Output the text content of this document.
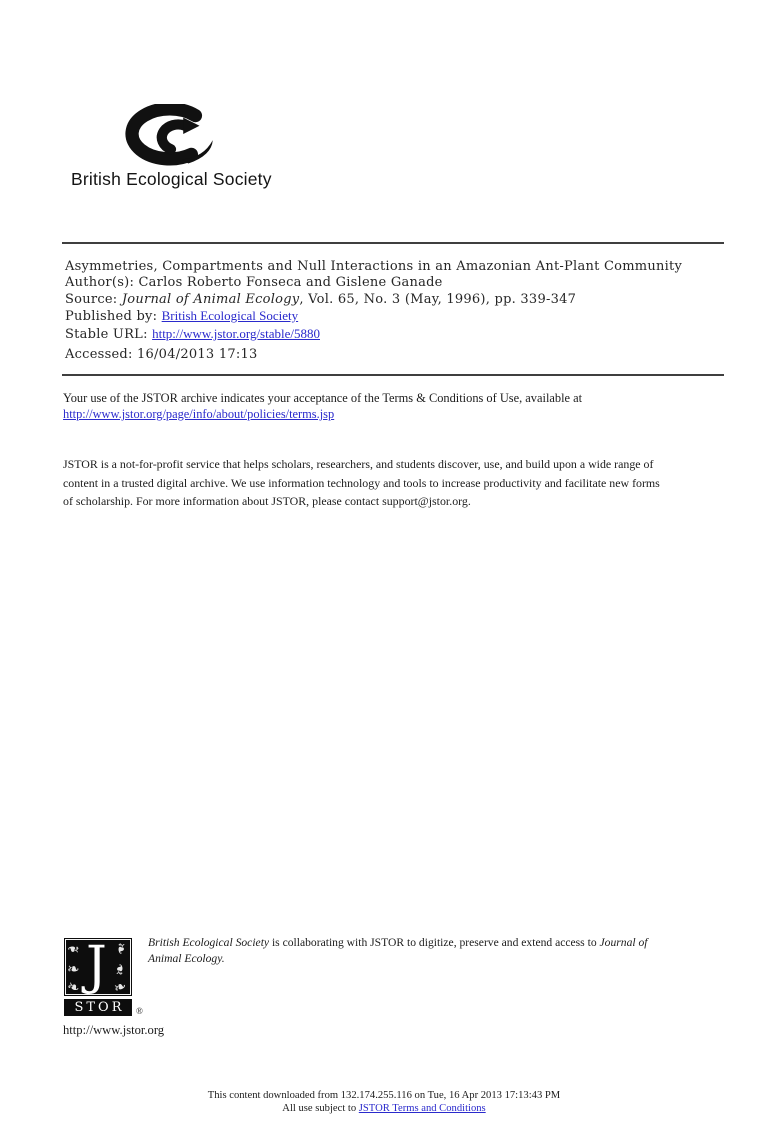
British Ecological Society
Asymmetries, Compartments and Null Interactions in an Amazonian Ant-Plant Community
Author(s): Carlos Roberto Fonseca and Gislene Ganade
Source: Journal of Animal Ecology, Vol. 65, No. 3 (May, 1996), pp. 339-347
Published by: British Ecological Society
Stable URL: http://www.jstor.org/stable/5880
Accessed: 16/04/2013 17:13
Your use of the JSTOR archive indicates your acceptance of the Terms & Conditions of Use, available at
http://www.jstor.org/page/info/about/policies/terms.jsp
JSTOR is a not-for-profit service that helps scholars, researchers, and students discover, use, and build upon a wide range of
content in a trusted digital archive. We use information technology and tools to increase productivity and facilitate new forms
of scholarship. For more information about JSTOR, please contact support@jstor.org.
❧ ❧
❧ ❧
❧ ❧
J
STOR	®
http://www.jstor.org
British Ecological Society is collaborating with JSTOR to digitize, preserve and extend access to Journal of
Animal Ecology.
This content downloaded from 132.174.255.116 on Tue, 16 Apr 2013 17:13:43 PM
All use subject to JSTOR Terms and Conditions
